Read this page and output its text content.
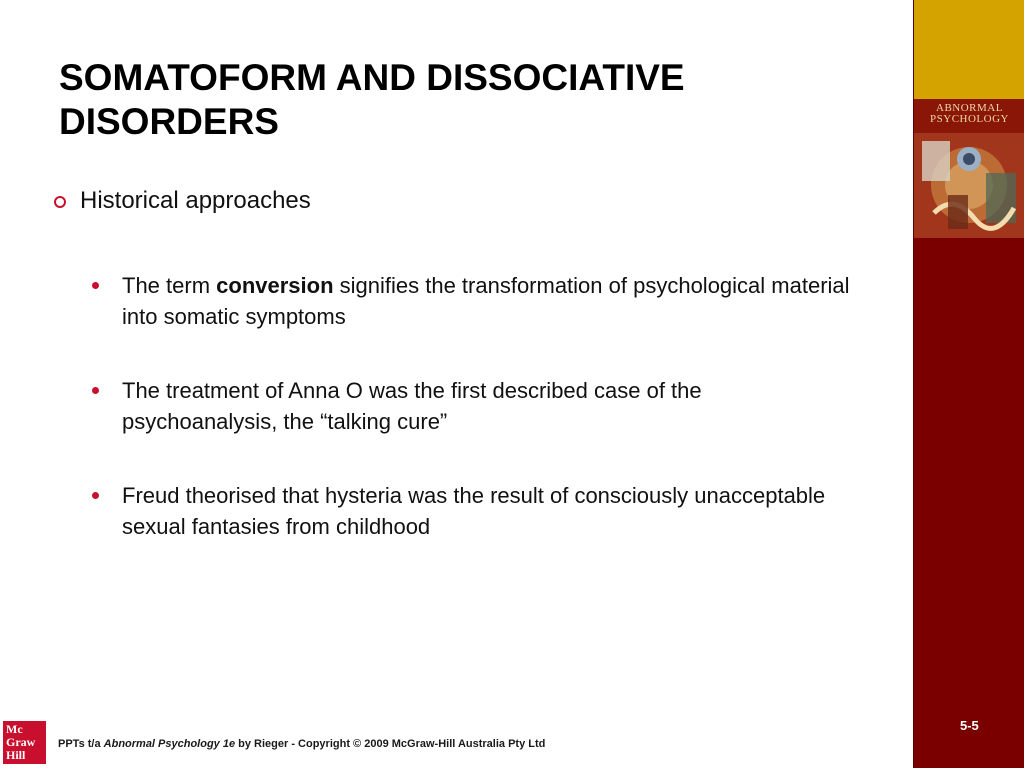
SOMATOFORM AND DISSOCIATIVE DISORDERS
Historical approaches
The term conversion signifies the transformation of psychological material into somatic symptoms
The treatment of Anna O was the first described case of the psychoanalysis, the “talking cure”
Freud theorised that hysteria was the result of consciously unacceptable sexual fantasies from childhood
ABNORMAL
PSYCHOLOGY
5-5
Mc
Graw
Hill
PPTs t/a Abnormal Psychology 1e by Rieger - Copyright © 2009 McGraw-Hill Australia Pty Ltd
